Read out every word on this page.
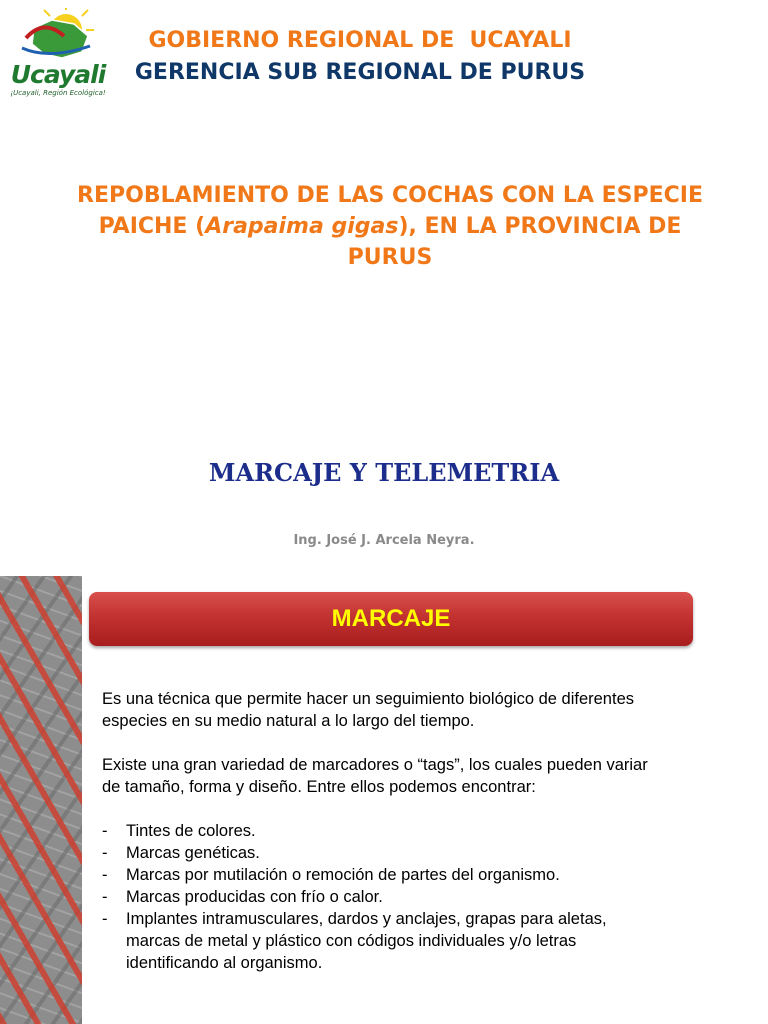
Ucayali
¡Ucayali, Región Ecológica!
GOBIERNO REGIONAL DE  UCAYALI
GERENCIA SUB REGIONAL DE PURUS
REPOBLAMIENTO DE LAS COCHAS CON LA ESPECIE PAICHE (Arapaima gigas), EN LA PROVINCIA DE PURUS
MARCAJE Y TELEMETRIA
Ing. José J. Arcela Neyra.
MARCAJE

Es una técnica que permite hacer un seguimiento biológico de diferentes especies en su medio natural a lo largo del tiempo.

Existe una gran variedad de marcadores o “tags”, los cuales pueden variar de tamaño, forma y diseño. Entre ellos podemos encontrar:

- Tintes de colores.
- Marcas genéticas.
- Marcas por mutilación o remoción de partes del organismo.
- Marcas producidas con frío o calor.
- Implantes intramusculares, dardos y anclajes, grapas para aletas, marcas de metal y plástico con códigos individuales y/o letras identificando al organismo.
